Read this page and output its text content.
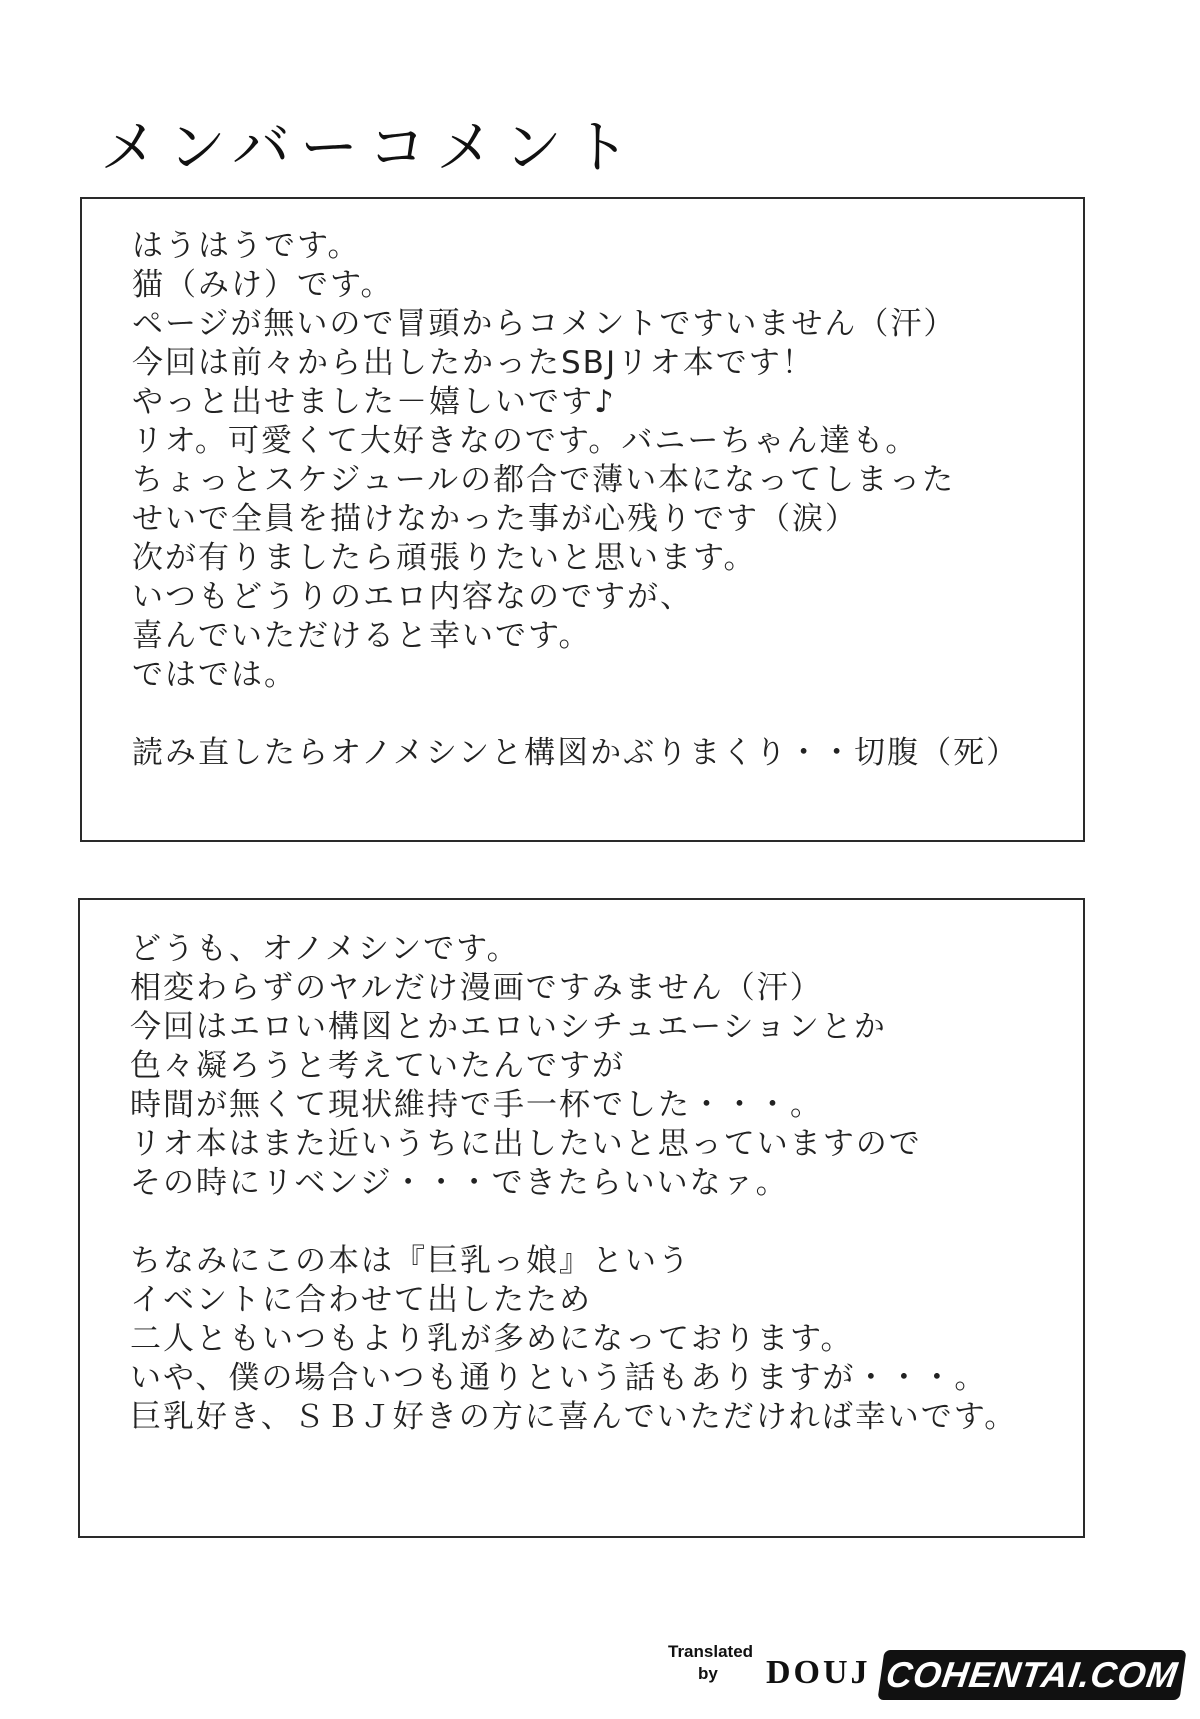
メンバーコメント
はうはうです。
猫（みけ）です。
ページが無いので冒頭からコメントですいません（汗）
今回は前々から出したかったSBJリオ本です！
やっと出せました－嬉しいです♪
リオ。可愛くて大好きなのです。バニーちゃん達も。
ちょっとスケジュールの都合で薄い本になってしまった
せいで全員を描けなかった事が心残りです（涙）
次が有りましたら頑張りたいと思います。
いつもどうりのエロ内容なのですが、
喜んでいただけると幸いです。
ではでは。
読み直したらオノメシンと構図かぶりまくり・・切腹（死）
どうも、オノメシンです。
相変わらずのヤルだけ漫画ですみません（汗）
今回はエロい構図とかエロいシチュエーションとか
色々凝ろうと考えていたんですが
時間が無くて現状維持で手一杯でした・・・。
リオ本はまた近いうちに出したいと思っていますので
その時にリベンジ・・・できたらいいなァ。
ちなみにこの本は『巨乳っ娘』という
イベントに合わせて出したため
二人ともいつもより乳が多めになっております。
いや、僕の場合いつも通りという話もありますが・・・。
巨乳好き、ＳＢＪ好きの方に喜んでいただければ幸いです。
Translated
by DOUJ COHENTAI.COM
